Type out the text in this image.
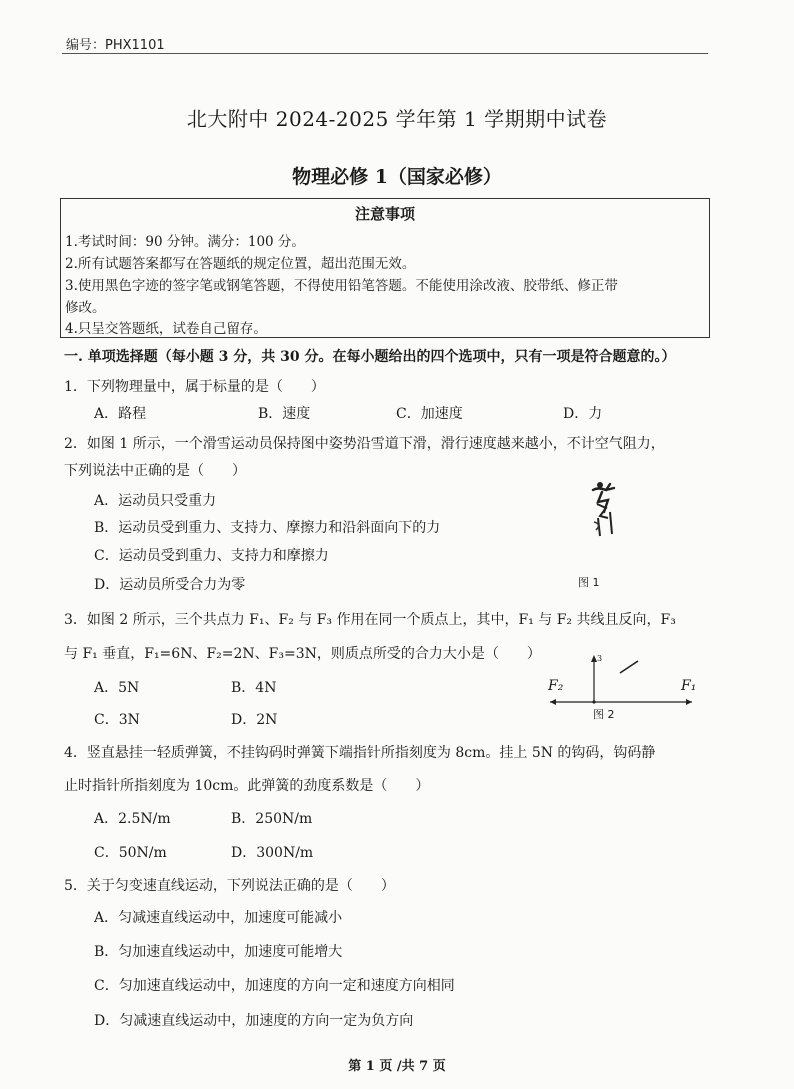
编号：PHX1101
北大附中 2024-2025 学年第 1 学期期中试卷
物理必修 1（国家必修）
注意事项
1.考试时间：90 分钟。满分：100 分。
2.所有试题答案都写在答题纸的规定位置，超出范围无效。
3.使用黑色字迹的签字笔或钢笔答题，不得使用铅笔答题。不能使用涂改液、胶带纸、修正带
修改。
4.只呈交答题纸，试卷自己留存。
一. 单项选择题（每小题 3 分，共 30 分。在每小题给出的四个选项中，只有一项是符合题意的。）
1．下列物理量中，属于标量的是（　　）
A．路程	B．速度	C．加速度	D．力
2．如图 1 所示，一个滑雪运动员保持图中姿势沿雪道下滑，滑行速度越来越小，不计空气阻力，
下列说法中正确的是（　　）
A．运动员只受重力
B．运动员受到重力、支持力、摩擦力和沿斜面向下的力
C．运动员受到重力、支持力和摩擦力
D．运动员所受合力为零	图 1
3．如图 2 所示，三个共点力 F₁、F₂ 与 F₃ 作用在同一个质点上，其中，F₁ 与 F₂ 共线且反向，F₃
与 F₁ 垂直，F₁=6N、F₂=2N、F₃=3N，则质点所受的合力大小是（　　）
A．5N	B．4N
C．3N	D．2N
F₂	F₁
3
图 2
4．竖直悬挂一轻质弹簧，不挂钩码时弹簧下端指针所指刻度为 8cm。挂上 5N 的钩码，钩码静
止时指针所指刻度为 10cm。此弹簧的劲度系数是（　　）
A．2.5N/m	B．250N/m
C．50N/m	D．300N/m
5．关于匀变速直线运动，下列说法正确的是（　　）
A．匀减速直线运动中，加速度可能减小
B．匀加速直线运动中，加速度可能增大
C．匀加速直线运动中，加速度的方向一定和速度方向相同
D．匀减速直线运动中，加速度的方向一定为负方向
第 1 页 /共 7 页
